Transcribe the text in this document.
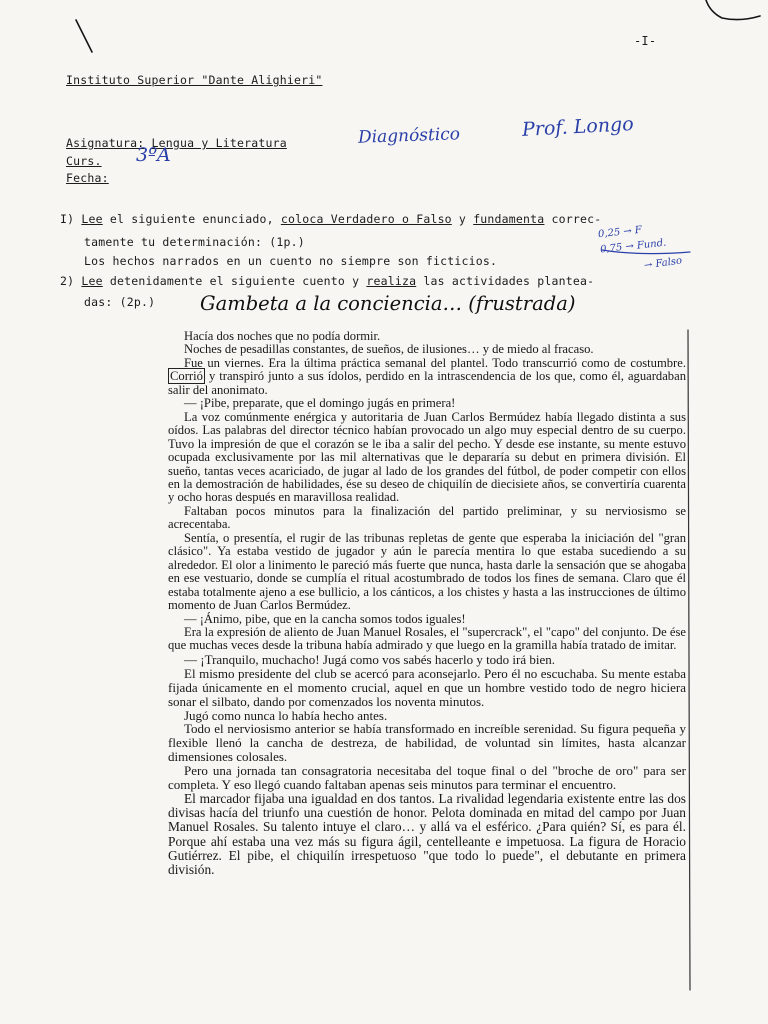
-I-
Instituto Superior "Dante Alighieri"
Asignatura: Lengua y Literatura
Curs.
Fecha:
Diagnóstico	Prof. Longo
3ºA
0,25 → F
0,75 → Fund.
→ Falso
I) Lee el siguiente enunciado, coloca Verdadero o Falso y fundamenta correc-
tamente tu determinación: (1p.)
Los hechos narrados en un cuento no siempre son ficticios.
2) Lee detenidamente el siguiente cuento y realiza las actividades plantea-
das: (2p.) Gambeta a la conciencia… (frustrada)

Hacía dos noches que no podía dormir.

Noches de pesadillas constantes, de sueños, de ilusiones… y de miedo al fracaso.

Fue un viernes. Era la última práctica semanal del plantel. Todo transcurrió como de costumbre. Corrió y transpiró junto a sus ídolos, perdido en la intrascendencia de los que, como él, aguardaban salir del anonimato.

— ¡Pibe, preparate, que el domingo jugás en primera!

La voz comúnmente enérgica y autoritaria de Juan Carlos Bermúdez había llegado distinta a sus oídos. Las palabras del director técnico habían provocado un algo muy especial dentro de su cuerpo. Tuvo la impresión de que el corazón se le iba a salir del pecho. Y desde ese instante, su mente estuvo ocupada exclusivamente por las mil alternativas que le depararía su debut en primera división. El sueño, tantas veces acariciado, de jugar al lado de los grandes del fútbol, de poder competir con ellos en la demostración de habilidades, ése su deseo de chiquilín de diecisiete años, se convertiría cuarenta y ocho horas después en maravillosa realidad.

Faltaban pocos minutos para la finalización del partido preliminar, y su nerviosismo se acrecentaba.

Sentía, o presentía, el rugir de las tribunas repletas de gente que esperaba la iniciación del "gran clásico". Ya estaba vestido de jugador y aún le parecía mentira lo que estaba sucediendo a su alrededor. El olor a linimento le pareció más fuerte que nunca, hasta darle la sensación que se ahogaba en ese vestuario, donde se cumplía el ritual acostumbrado de todos los fines de semana. Claro que él estaba totalmente ajeno a ese bullicio, a los cánticos, a los chistes y hasta a las instrucciones de último momento de Juan Carlos Bermúdez.

— ¡Ánimo, pibe, que en la cancha somos todos iguales!

Era la expresión de aliento de Juan Manuel Rosales, el "supercrack", el "capo" del conjunto. De ése que muchas veces desde la tribuna había admirado y que luego en la gramilla había tratado de imitar.

— ¡Tranquilo, muchacho! Jugá como vos sabés hacerlo y todo irá bien.

El mismo presidente del club se acercó para aconsejarlo. Pero él no escuchaba. Su mente estaba fijada únicamente en el momento crucial, aquel en que un hombre vestido todo de negro hiciera sonar el silbato, dando por comenzados los noventa minutos.

Jugó como nunca lo había hecho antes.

Todo el nerviosismo anterior se había transformado en increíble serenidad. Su figura pequeña y flexible llenó la cancha de destreza, de habilidad, de voluntad sin límites, hasta alcanzar dimensiones colosales.

Pero una jornada tan consagratoria necesitaba del toque final o del "broche de oro" para ser completa. Y eso llegó cuando faltaban apenas seis minutos para terminar el encuentro.

El marcador fijaba una igualdad en dos tantos. La rivalidad legendaria existente entre las dos divisas hacía del triunfo una cuestión de honor. Pelota dominada en mitad del campo por Juan Manuel Rosales. Su talento intuye el claro… y allá va el esférico. ¿Para quién? Sí, es para él. Porque ahí estaba una vez más su figura ágil, centelleante e impetuosa. La figura de Horacio Gutiérrez. El pibe, el chiquilín irrespetuoso "que todo lo puede", el debutante en primera división.
